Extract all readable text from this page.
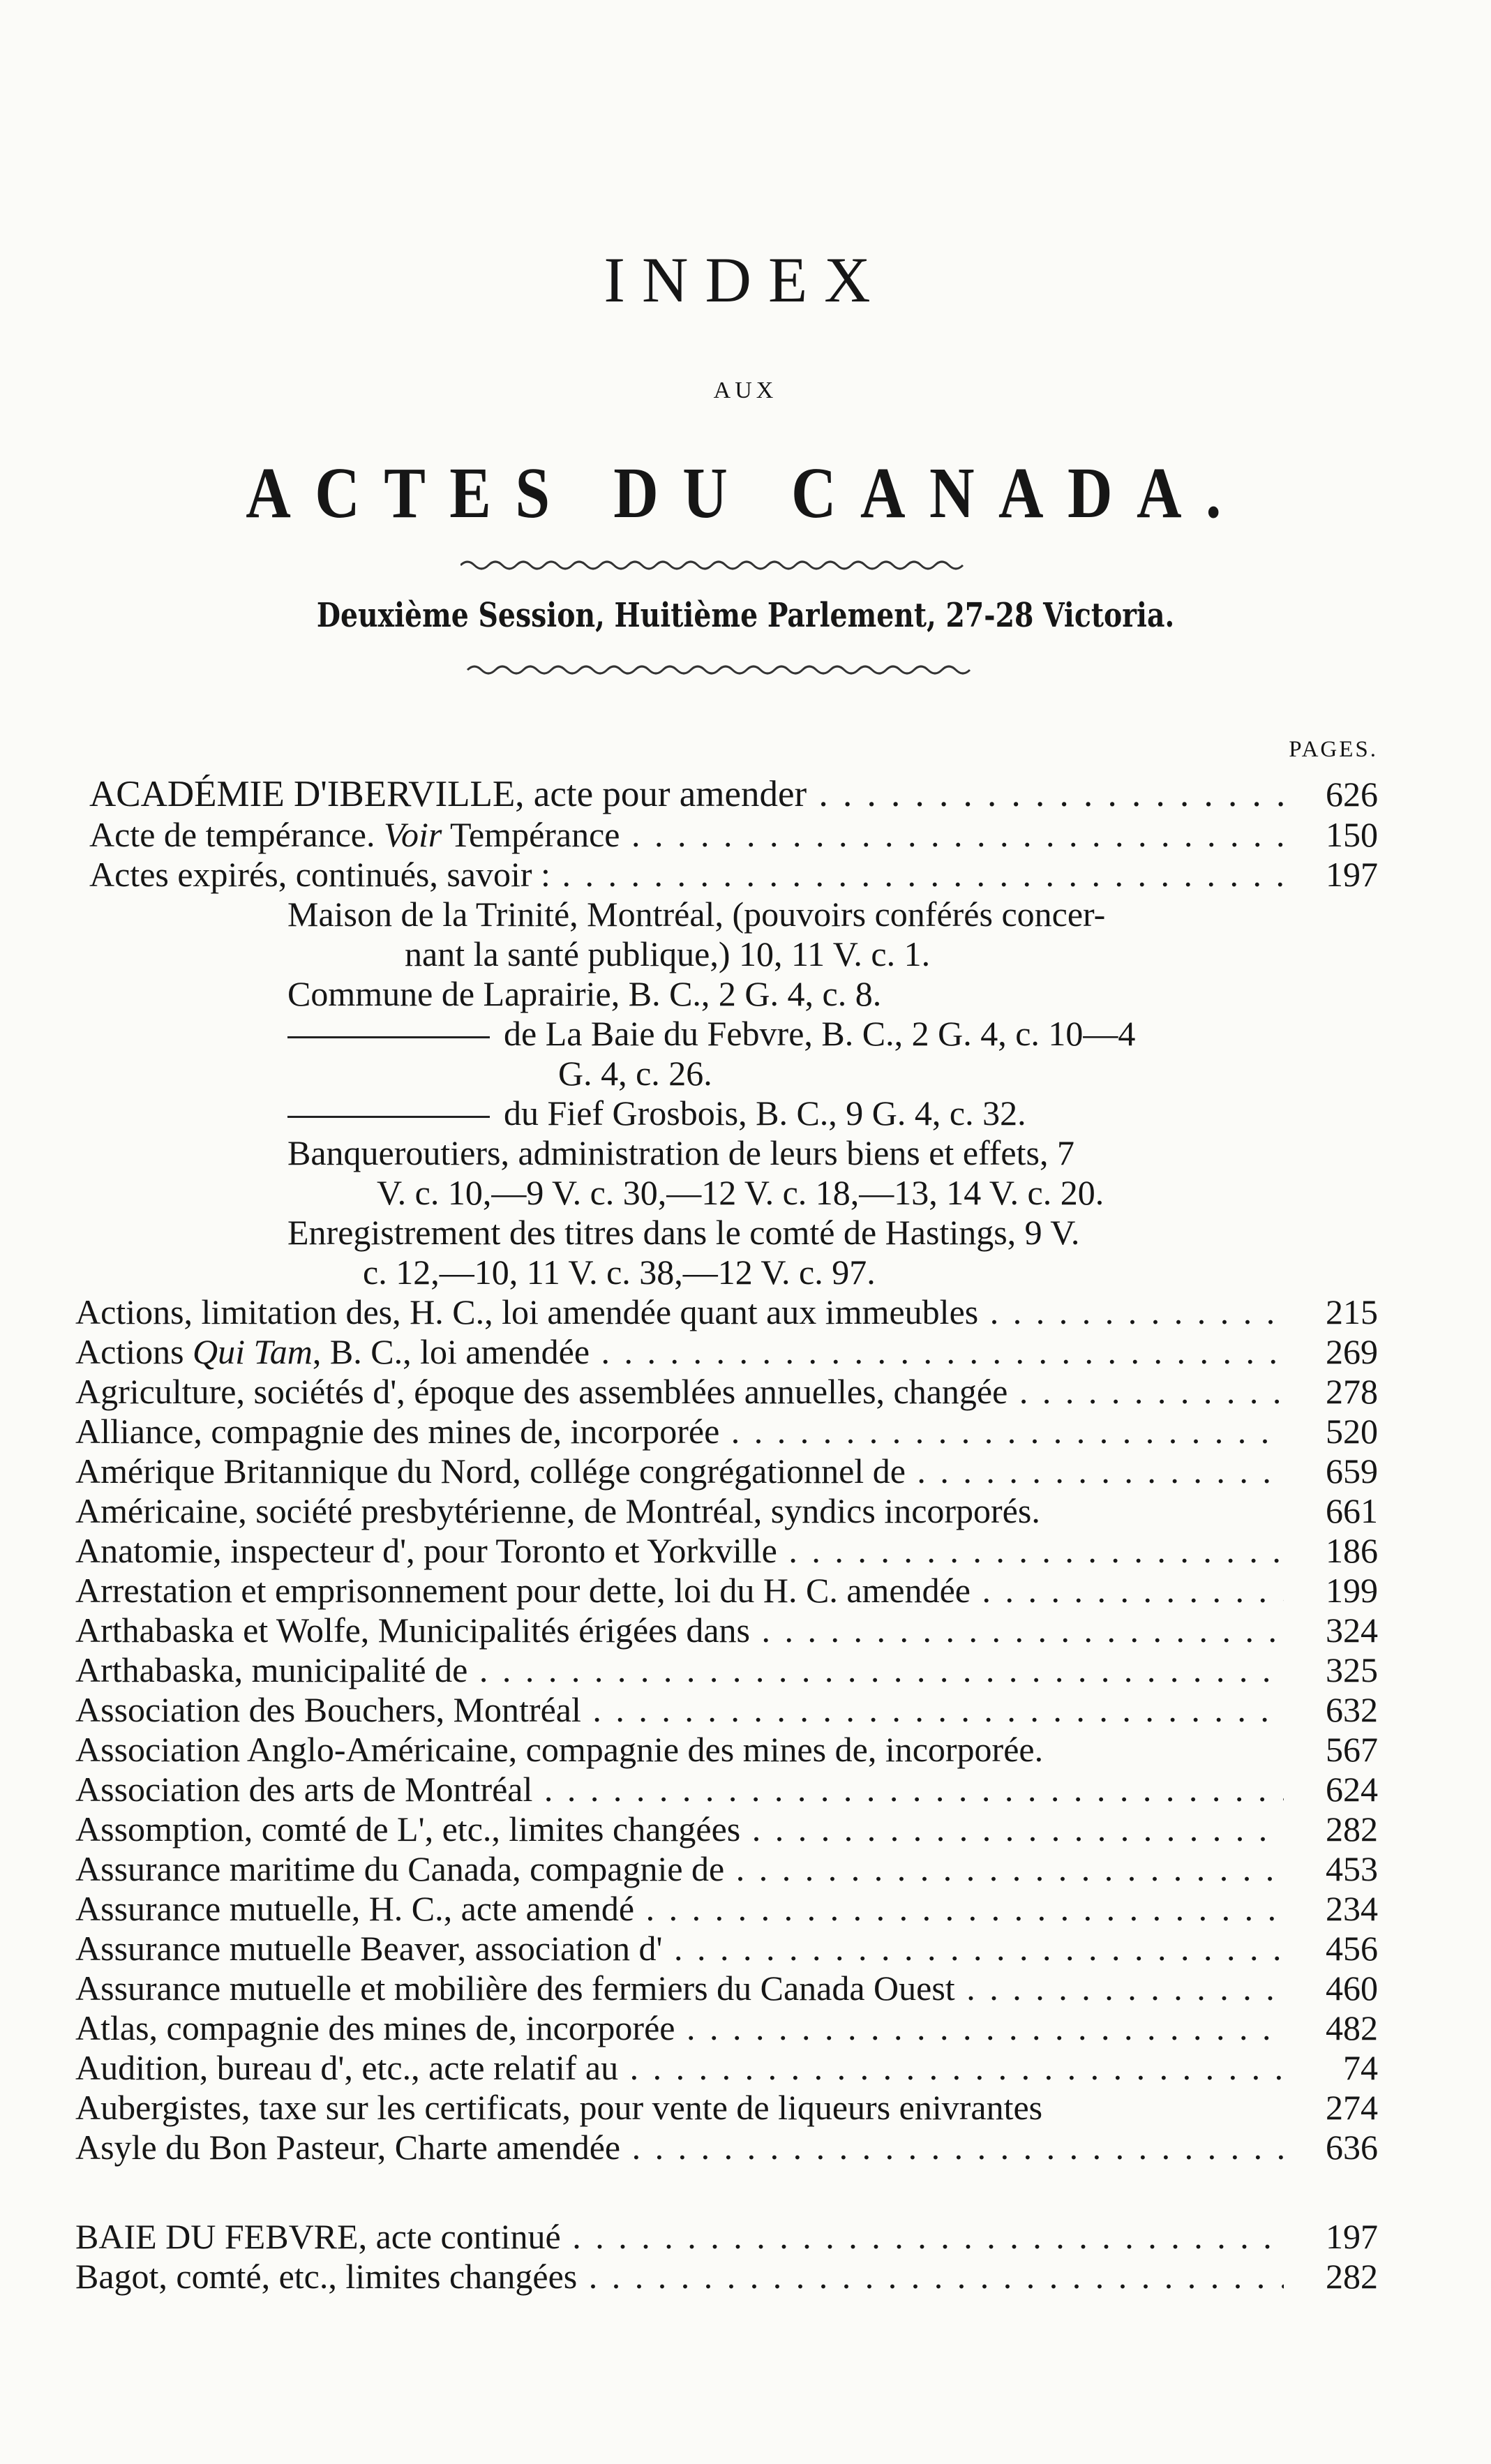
INDEX
AUX
ACTES DU CANADA.
Deuxième Session, Huitième Parlement, 27-28 Victoria.
PAGES.
ACADÉMIE D'IBERVILLE, acte pour amender . . .	626
Acte de tempérance. Voir Tempérance . . .	150
Actes expirés, continués, savoir : . . .	197
Maison de la Trinité, Montréal, (pouvoirs conférés concer-
nant la santé publique,) 10, 11 V. c. 1.
Commune de Laprairie, B. C., 2 G. 4, c. 8.
de La Baie du Febvre, B. C., 2 G. 4, c. 10—4
G. 4, c. 26.
du Fief Grosbois, B. C., 9 G. 4, c. 32.
Banqueroutiers, administration de leurs biens et effets, 7
V. c. 10,—9 V. c. 30,—12 V. c. 18,—13, 14 V. c. 20.
Enregistrement des titres dans le comté de Hastings, 9 V.
c. 12,—10, 11 V. c. 38,—12 V. c. 97.
Actions, limitation des, H. C., loi amendée quant aux immeubles . . .	215
Actions Qui Tam, B. C., loi amendée . . .	269
Agriculture, sociétés d', époque des assemblées annuelles, changée . . .	278
Alliance, compagnie des mines de, incorporée . . .	520
Amérique Britannique du Nord, collége congrégationnel de . . .	659
Américaine, société presbytérienne, de Montréal, syndics incorporés.	661
Anatomie, inspecteur d', pour Toronto et Yorkville . . .	186
Arrestation et emprisonnement pour dette, loi du H. C. amendée . . .	199
Arthabaska et Wolfe, Municipalités érigées dans . . .	324
Arthabaska, municipalité de . . .	325
Association des Bouchers, Montréal . . .	632
Association Anglo-Américaine, compagnie des mines de, incorporée.	567
Association des arts de Montréal . . .	624
Assomption, comté de L', etc., limites changées . . .	282
Assurance maritime du Canada, compagnie de . . .	453
Assurance mutuelle, H. C., acte amendé . . .	234
Assurance mutuelle Beaver, association d' . . .	456
Assurance mutuelle et mobilière des fermiers du Canada Ouest . . .	460
Atlas, compagnie des mines de, incorporée . . .	482
Audition, bureau d', etc., acte relatif au . . .	74
Aubergistes, taxe sur les certificats, pour vente de liqueurs enivrantes	274
Asyle du Bon Pasteur, Charte amendée . . .	636
BAIE DU FEBVRE, acte continué . . .	197
Bagot, comté, etc., limites changées . . .	282
